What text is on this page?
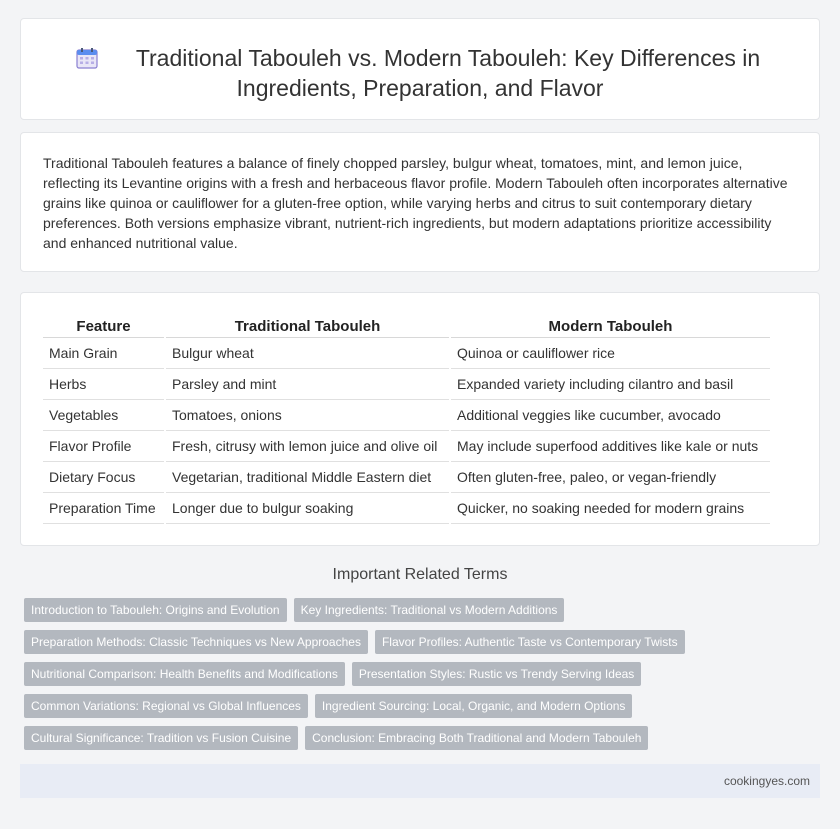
Traditional Tabouleh vs. Modern Tabouleh: Key Differences in
Ingredients, Preparation, and Flavor

Traditional Tabouleh features a balance of finely chopped parsley, bulgur wheat, tomatoes, mint, and lemon juice, reflecting its Levantine origins with a fresh and herbaceous flavor profile. Modern Tabouleh often incorporates alternative grains like quinoa or cauliflower for a gluten-free option, while varying herbs and citrus to suit contemporary dietary preferences. Both versions emphasize vibrant, nutrient-rich ingredients, but modern adaptations prioritize accessibility and enhanced nutritional value.

Feature	Traditional Tabouleh	Modern Tabouleh
Main Grain	Bulgur wheat	Quinoa or cauliflower rice
Herbs	Parsley and mint	Expanded variety including cilantro and basil
Vegetables	Tomatoes, onions	Additional veggies like cucumber, avocado
Flavor Profile	Fresh, citrusy with lemon juice and olive oil	May include superfood additives like kale or nuts
Dietary Focus	Vegetarian, traditional Middle Eastern diet	Often gluten-free, paleo, or vegan-friendly
Preparation Time	Longer due to bulgur soaking	Quicker, no soaking needed for modern grains
Important Related Terms
Introduction to Tabouleh: Origins and Evolution	Key Ingredients: Traditional vs Modern Additions
Preparation Methods: Classic Techniques vs New Approaches	Flavor Profiles: Authentic Taste vs Contemporary Twists
Nutritional Comparison: Health Benefits and Modifications	Presentation Styles: Rustic vs Trendy Serving Ideas
Common Variations: Regional vs Global Influences	Ingredient Sourcing: Local, Organic, and Modern Options
Cultural Significance: Tradition vs Fusion Cuisine	Conclusion: Embracing Both Traditional and Modern Tabouleh
cookingyes.com
